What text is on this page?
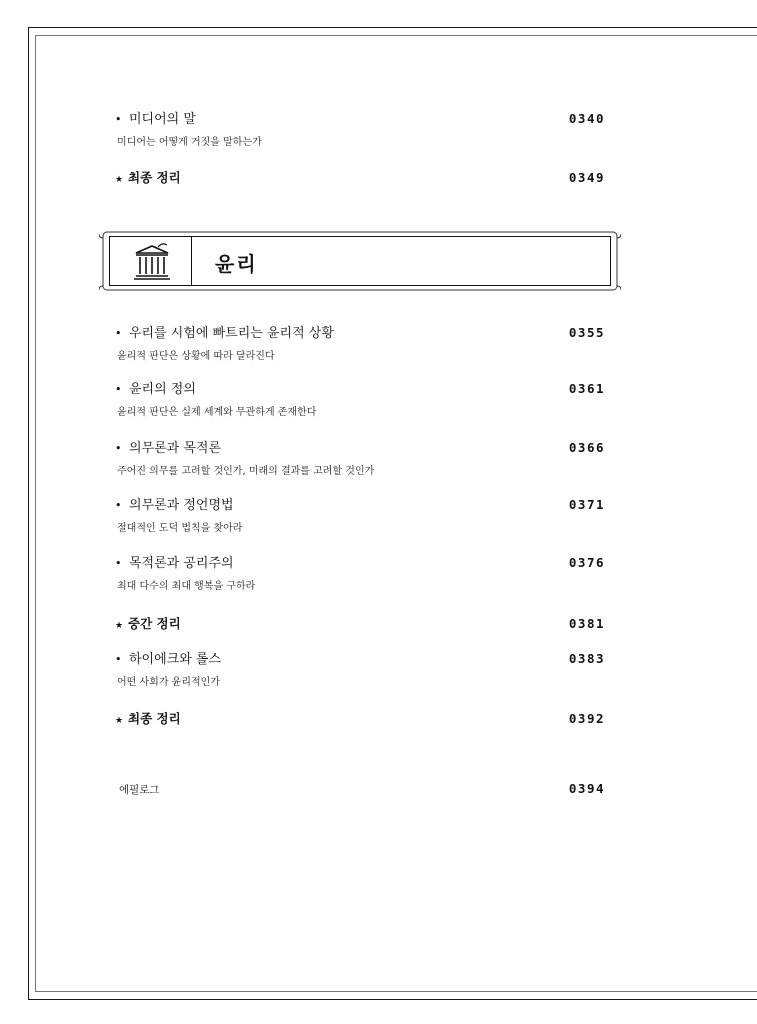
• 미디어의 말	0340
미디어는 어떻게 거짓을 말하는가
★ 최종 정리	0349
윤리
• 우리를 시험에 빠트리는 윤리적 상황	0355
윤리적 판단은 상황에 따라 달라진다
• 윤리의 정의	0361
윤리적 판단은 실제 세계와 무관하게 존재한다
• 의무론과 목적론	0366
주어진 의무를 고려할 것인가, 미래의 결과를 고려할 것인가
• 의무론과 정언명법	0371
절대적인 도덕 법칙을 찾아라
• 목적론과 공리주의	0376
최대 다수의 최대 행복을 구하라
★ 중간 정리	0381
• 하이에크와 롤스	0383
어떤 사회가 윤리적인가
★ 최종 정리	0392
에필로그	0394
